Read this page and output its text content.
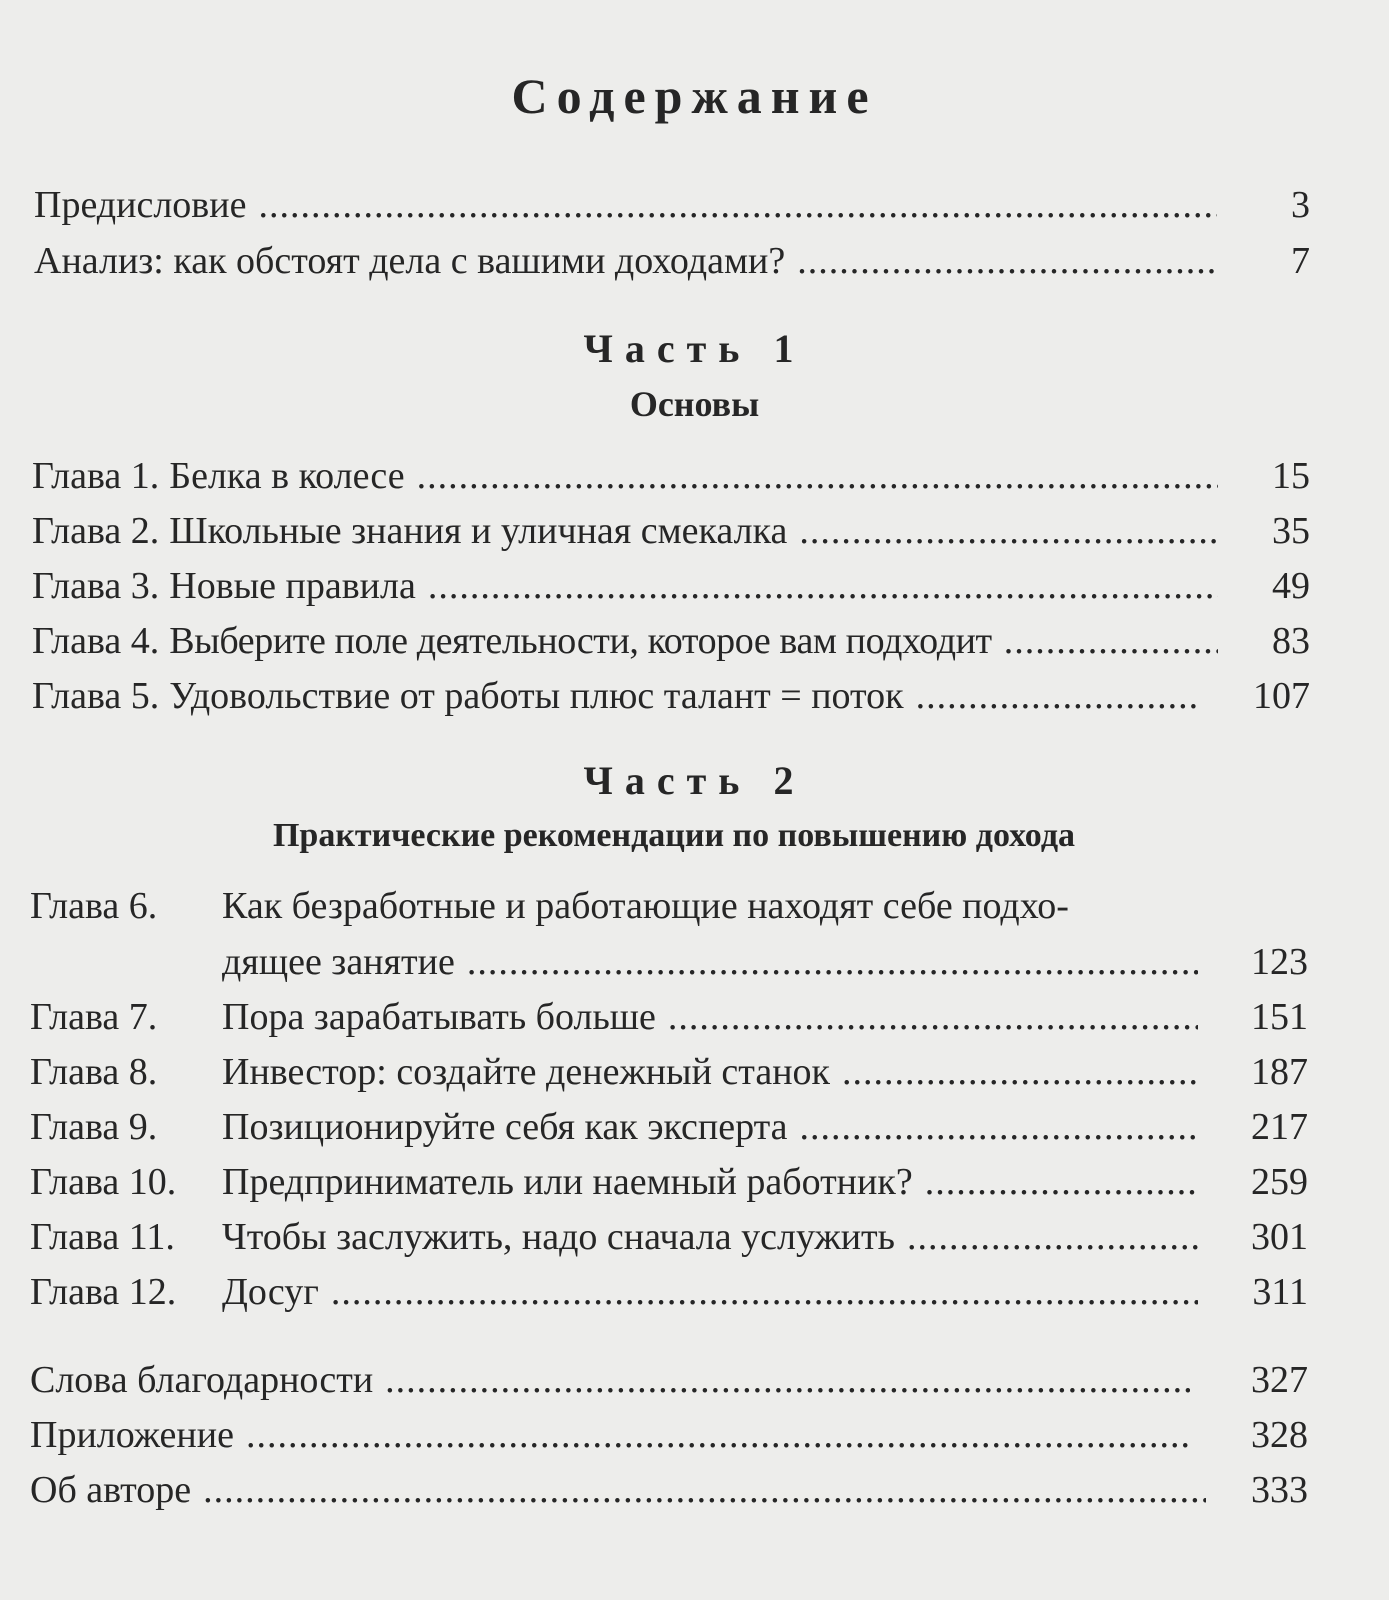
Содержание
Предисловие .....	3
Анализ: как обстоят дела с вашими доходами? .....	7
Часть 1
Основы
Глава 1. Белка в колесе .....	15
Глава 2. Школьные знания и уличная смекалка .....	35
Глава 3. Новые правила .....	49
Глава 4. Выберите поле деятельности, которое вам подходит .....	83
Глава 5. Удовольствие от работы плюс талант = поток .....	107
Часть 2
Практические рекомендации по повышению дохода
Глава 6. Как безработные и работающие находят себе подхо-
дящее занятие .....	123
Глава 7. Пора зарабатывать больше .....	151
Глава 8. Инвестор: создайте денежный станок .....	187
Глава 9. Позиционируйте себя как эксперта .....	217
Глава 10. Предприниматель или наемный работник? .....	259
Глава 11. Чтобы заслужить, надо сначала услужить .....	301
Глава 12. Досуг .....	311
Слова благодарности .....	327
Приложение .....	328
Об авторе .....	333
